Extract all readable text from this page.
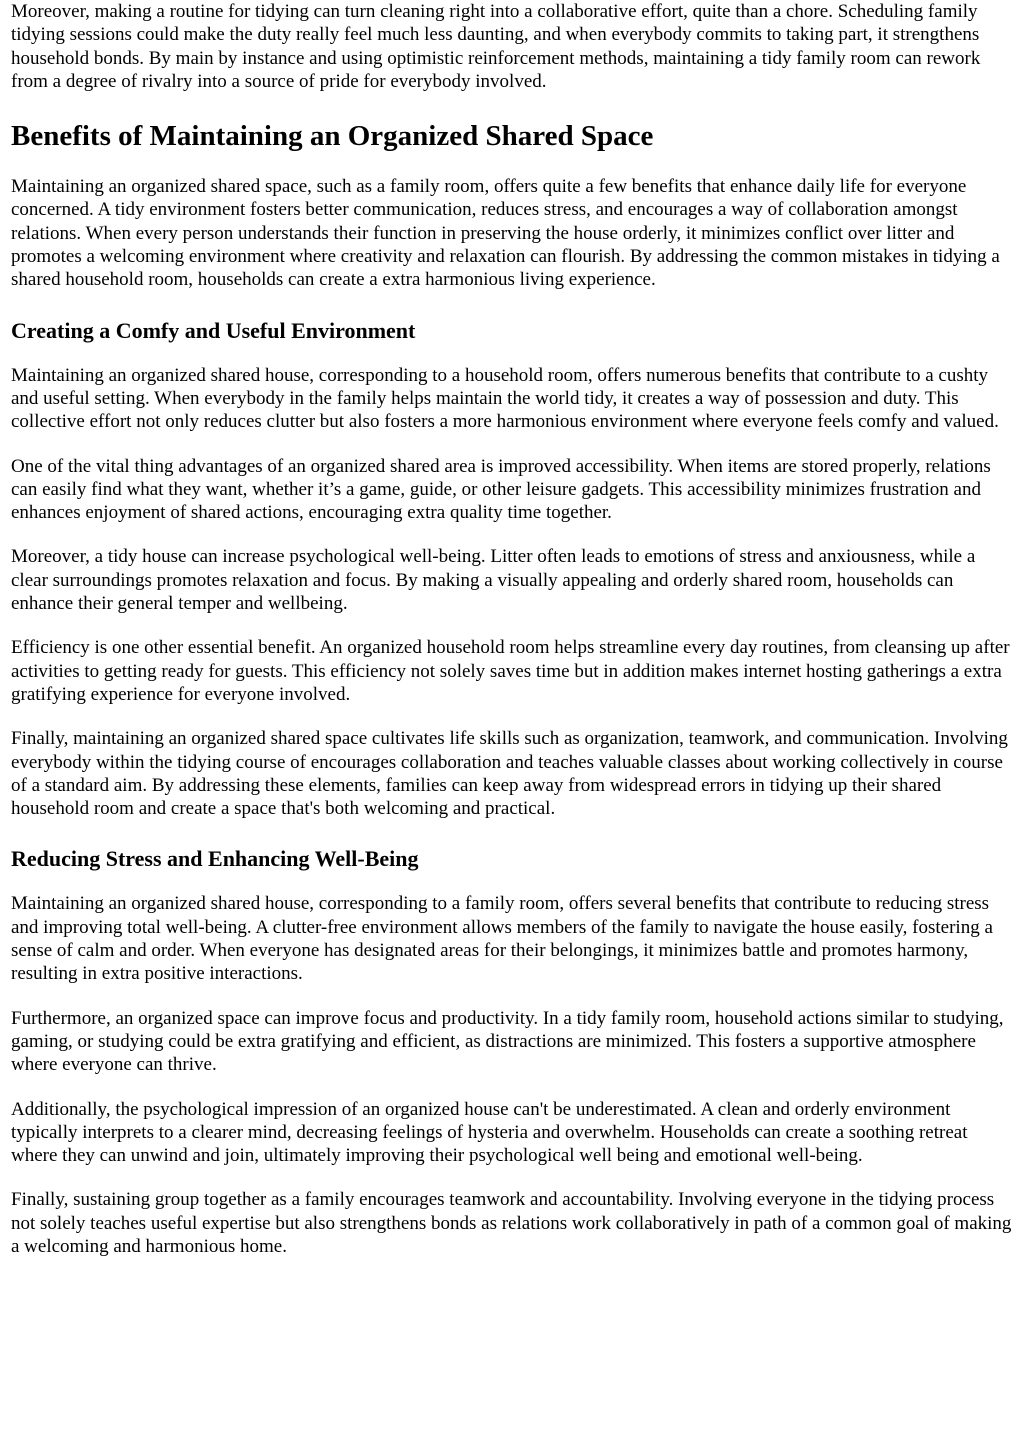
Moreover, making a routine for tidying can turn cleaning right into a collaborative effort, quite than a chore. Scheduling family tidying sessions could make the duty really feel much less daunting, and when everybody commits to taking part, it strengthens household bonds. By main by instance and using optimistic reinforcement methods, maintaining a tidy family room can rework from a degree of rivalry into a source of pride for everybody involved.

Benefits of Maintaining an Organized Shared Space

Maintaining an organized shared space, such as a family room, offers quite a few benefits that enhance daily life for everyone concerned. A tidy environment fosters better communication, reduces stress, and encourages a way of collaboration amongst relations. When every person understands their function in preserving the house orderly, it minimizes conflict over litter and promotes a welcoming environment where creativity and relaxation can flourish. By addressing the common mistakes in tidying a shared household room, households can create a extra harmonious living experience.

Creating a Comfy and Useful Environment

Maintaining an organized shared house, corresponding to a household room, offers numerous benefits that contribute to a cushty and useful setting. When everybody in the family helps maintain the world tidy, it creates a way of possession and duty. This collective effort not only reduces clutter but also fosters a more harmonious environment where everyone feels comfy and valued.

One of the vital thing advantages of an organized shared area is improved accessibility. When items are stored properly, relations can easily find what they want, whether it’s a game, guide, or other leisure gadgets. This accessibility minimizes frustration and enhances enjoyment of shared actions, encouraging extra quality time together.

Moreover, a tidy house can increase psychological well-being. Litter often leads to emotions of stress and anxiousness, while a clear surroundings promotes relaxation and focus. By making a visually appealing and orderly shared room, households can enhance their general temper and wellbeing.

Efficiency is one other essential benefit. An organized household room helps streamline every day routines, from cleansing up after activities to getting ready for guests. This efficiency not solely saves time but in addition makes internet hosting gatherings a extra gratifying experience for everyone involved.

Finally, maintaining an organized shared space cultivates life skills such as organization, teamwork, and communication. Involving everybody within the tidying course of encourages collaboration and teaches valuable classes about working collectively in course of a standard aim. By addressing these elements, families can keep away from widespread errors in tidying up their shared household room and create a space that's both welcoming and practical.

Reducing Stress and Enhancing Well-Being

Maintaining an organized shared house, corresponding to a family room, offers several benefits that contribute to reducing stress and improving total well-being. A clutter-free environment allows members of the family to navigate the house easily, fostering a sense of calm and order. When everyone has designated areas for their belongings, it minimizes battle and promotes harmony, resulting in extra positive interactions.

Furthermore, an organized space can improve focus and productivity. In a tidy family room, household actions similar to studying, gaming, or studying could be extra gratifying and efficient, as distractions are minimized. This fosters a supportive atmosphere where everyone can thrive.

Additionally, the psychological impression of an organized house can't be underestimated. A clean and orderly environment typically interprets to a clearer mind, decreasing feelings of hysteria and overwhelm. Households can create a soothing retreat where they can unwind and join, ultimately improving their psychological well being and emotional well-being.

Finally, sustaining group together as a family encourages teamwork and accountability. Involving everyone in the tidying process not solely teaches useful expertise but also strengthens bonds as relations work collaboratively in path of a common goal of making a welcoming and harmonious home.
